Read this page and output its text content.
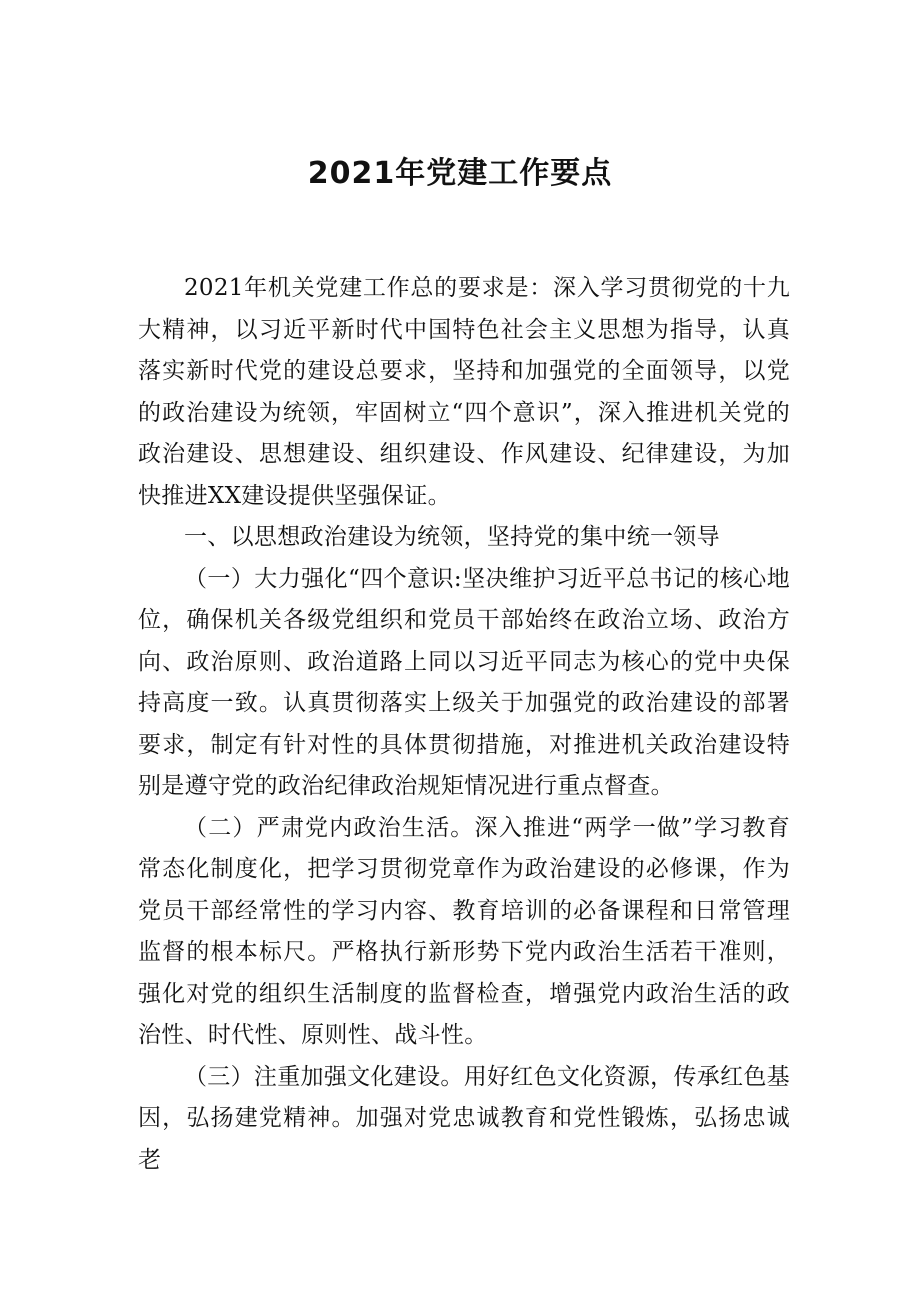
2021年党建工作要点

2021年机关党建工作总的要求是：深入学习贯彻党的十九大精神，以习近平新时代中国特色社会主义思想为指导，认真落实新时代党的建设总要求，坚持和加强党的全面领导，以党的政治建设为统领，牢固树立“四个意识”，深入推进机关党的政治建设、思想建设、组织建设、作风建设、纪律建设，为加快推进XX建设提供坚强保证。

一、以思想政治建设为统领，坚持党的集中统一领导

（一）大力强化“四个意识:坚决维护习近平总书记的核心地位，确保机关各级党组织和党员干部始终在政治立场、政治方向、政治原则、政治道路上同以习近平同志为核心的党中央保持高度一致。认真贯彻落实上级关于加强党的政治建设的部署要求，制定有针对性的具体贯彻措施，对推进机关政治建设特别是遵守党的政治纪律政治规矩情况进行重点督查。

（二）严肃党内政治生活。深入推进“两学一做”学习教育常态化制度化，把学习贯彻党章作为政治建设的必修课，作为党员干部经常性的学习内容、教育培训的必备课程和日常管理监督的根本标尺。严格执行新形势下党内政治生活若干准则，强化对党的组织生活制度的监督检查，增强党内政治生活的政治性、时代性、原则性、战斗性。

（三）注重加强文化建设。用好红色文化资源，传承红色基因，弘扬建党精神。加强对党忠诚教育和党性锻炼，弘扬忠诚老
